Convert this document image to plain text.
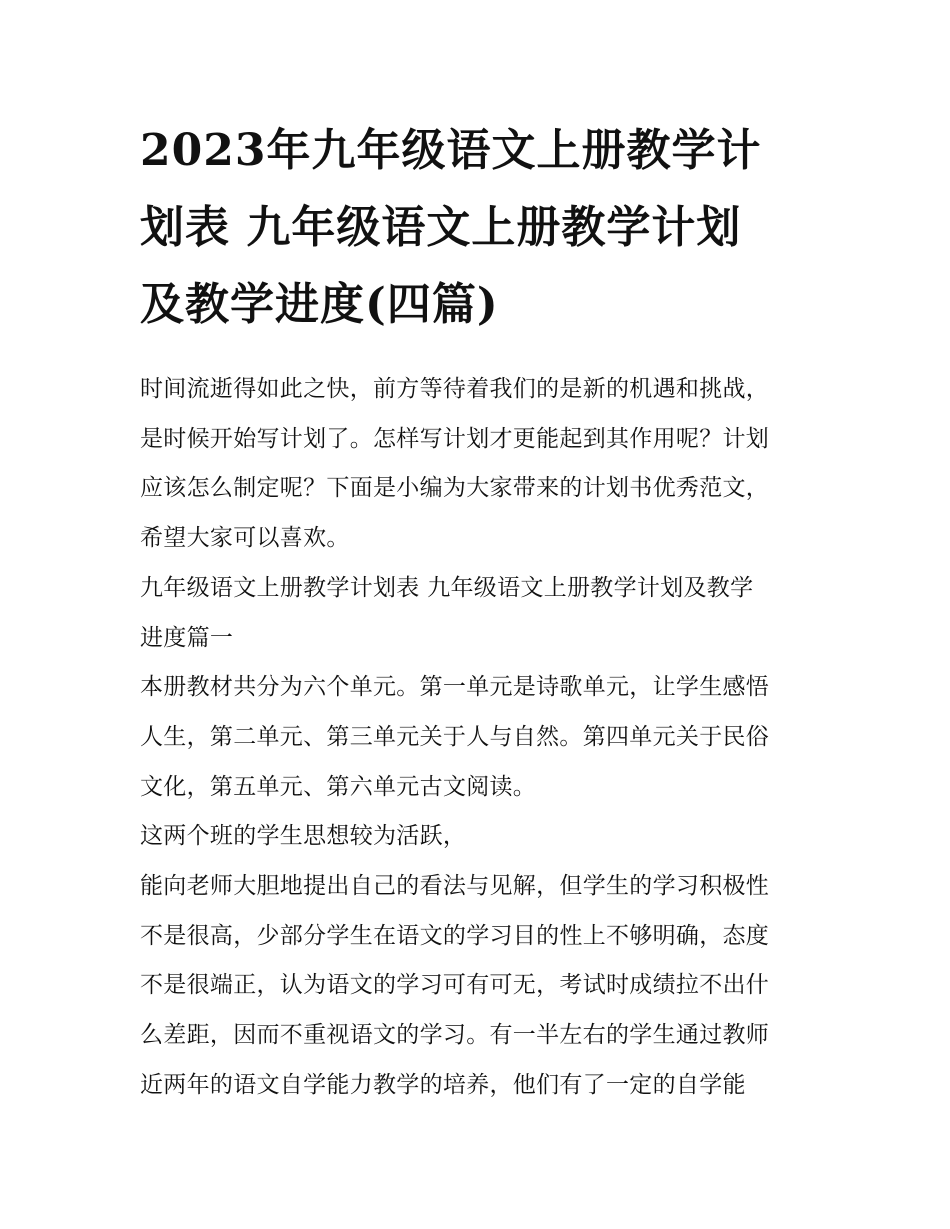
2023年九年级语文上册教学计
划表 九年级语文上册教学计划
及教学进度(四篇)
时间流逝得如此之快，前方等待着我们的是新的机遇和挑战，
是时候开始写计划了。怎样写计划才更能起到其作用呢？计划
应该怎么制定呢？下面是小编为大家带来的计划书优秀范文，
希望大家可以喜欢。
九年级语文上册教学计划表 九年级语文上册教学计划及教学
进度篇一
本册教材共分为六个单元。第一单元是诗歌单元，让学生感悟
人生，第二单元、第三单元关于人与自然。第四单元关于民俗
文化，第五单元、第六单元古文阅读。
这两个班的学生思想较为活跃，
能向老师大胆地提出自己的看法与见解，但学生的学习积极性
不是很高，少部分学生在语文的学习目的性上不够明确，态度
不是很端正，认为语文的学习可有可无，考试时成绩拉不出什
么差距，因而不重视语文的学习。有一半左右的学生通过教师
近两年的语文自学能力教学的培养，他们有了一定的自学能
